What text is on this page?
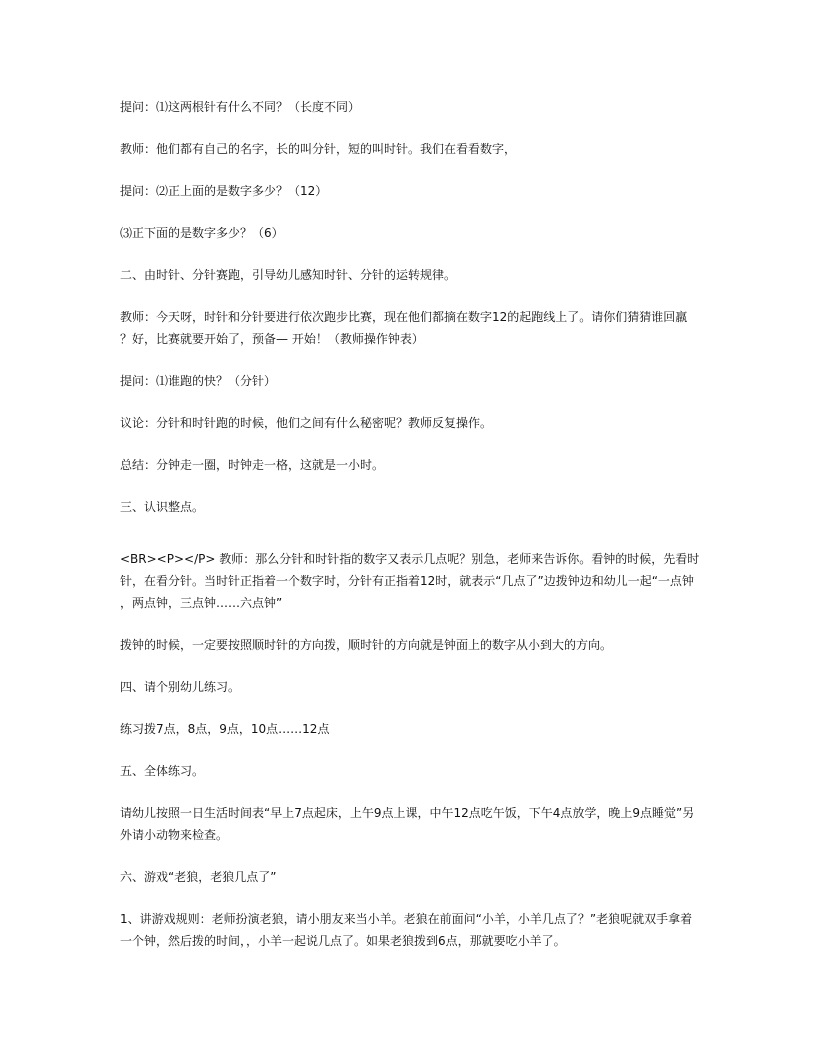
提问：⑴这两根针有什么不同？（长度不同）

教师：他们都有自己的名字，长的叫分针，短的叫时针。我们在看看数字，

提问：⑵正上面的是数字多少？（12）

⑶正下面的是数字多少？（6）

二、由时针、分针赛跑，引导幼儿感知时针、分针的运转规律。

教师：今天呀，时针和分针要进行依次跑步比赛，现在他们都摘在数字12的起跑线上了。请你们猜猜谁回羸
？好，比赛就要开始了，预备— 开始！（教师操作钟表）

提问：⑴谁跑的快？（分针）

议论：分针和时针跑的时候，他们之间有什么秘密呢？教师反复操作。

总结：分钟走一圈，时钟走一格，这就是一小时。

三、认识整点。

<BR><P></P> 教师：那么分针和时针指的数字又表示几点呢？别急，老师来告诉你。看钟的时候，先看时
针，在看分针。当时针正指着一个数字时，分针有正指着12时，就表示“几点了”边拨钟边和幼儿一起“一点钟
，两点钟，三点钟……六点钟”

拨钟的时候，一定要按照顺时针的方向拨，顺时针的方向就是钟面上的数字从小到大的方向。

四、请个别幼儿练习。

练习拨7点，8点，9点，10点……12点

五、全体练习。

请幼儿按照一日生活时间表“早上7点起床，上午9点上课，中午12点吃午饭，下午4点放学，晚上9点睡觉”另
外请小动物来检查。

六、游戏“老狼，老狼几点了”

1、讲游戏规则：老师扮演老狼，请小朋友来当小羊。老狼在前面问“小羊，小羊几点了？”老狼呢就双手拿着
一个钟，然后拨的时间，，小羊一起说几点了。如果老狼拨到6点，那就要吃小羊了。
